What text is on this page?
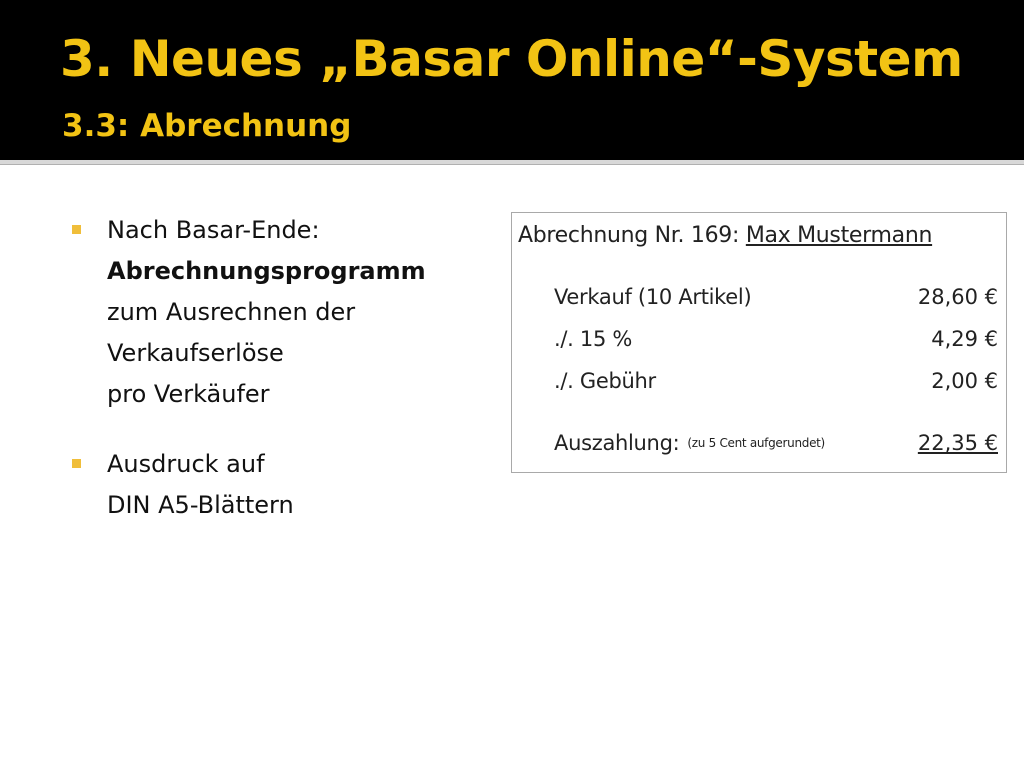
3. Neues „Basar Online“-System
3.3: Abrechnung
Nach Basar-Ende:
Abrechnungsprogramm
zum Ausrechnen der
Verkaufserlöse
pro Verkäufer
Ausdruck auf
DIN A5-Blättern
Abrechnung Nr. 169: Max Mustermann
Verkauf (10 Artikel)	28,60 €
./. 15 %	4,29 €
./. Gebühr	2,00 €
Auszahlung: (zu 5 Cent aufgerundet)	22,35 €
